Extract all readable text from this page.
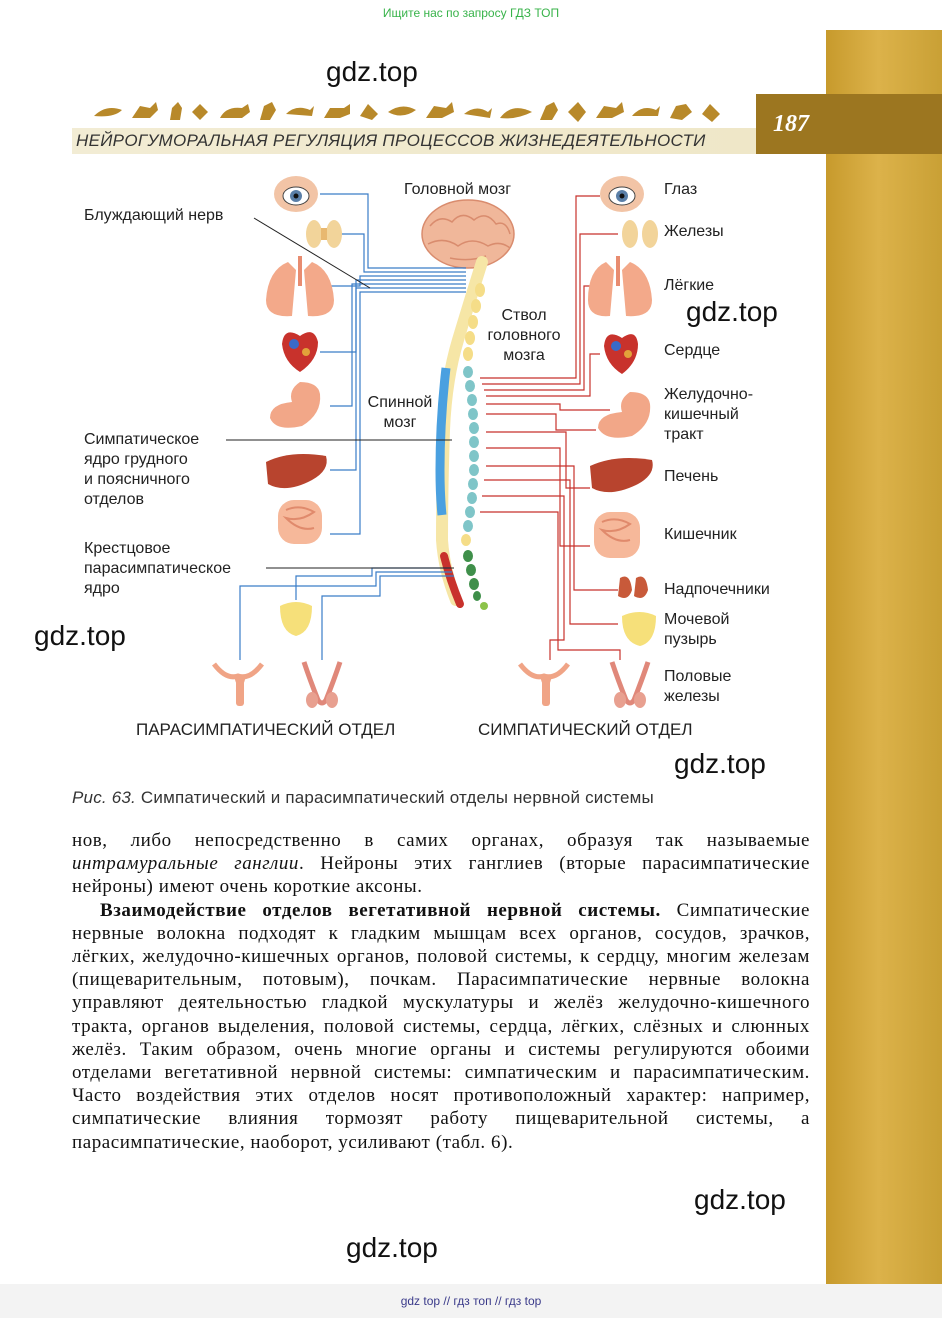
Ищите нас по запросу ГДЗ ТОП
187
НЕЙРОГУМОРАЛЬНАЯ РЕГУЛЯЦИЯ ПРОЦЕССОВ ЖИЗНЕДЕЯТЕЛЬНОСТИ
Блуждающий нерв
Симпатическое
ядро грудного
и поясничного
отделов
Крестцовое
парасимпатическое
ядро
Головной мозг
Ствол
головного
мозга
Спинной
мозг
Глаз
Железы
Лёгкие
Сердце
Желудочно-
кишечный
тракт
Печень
Кишечник
Надпочечники
Мочевой
пузырь
Половые
железы
ПАРАСИМПАТИЧЕСКИЙ ОТДЕЛ	СИМПАТИЧЕСКИЙ ОТДЕЛ
Рис. 63. Симпатический и парасимпатический отделы нервной системы

нов, либо непосредственно в самих органах, образуя так называемые интрамуральные ганглии. Нейроны этих ганглиев (вторые парасимпатические нейроны) имеют очень короткие аксоны.

Взаимодействие отделов вегетативной нервной системы. Симпатические нервные волокна подходят к гладким мышцам всех органов, сосудов, зрачков, лёгких, желудочно-кишечных органов, половой системы, к сердцу, многим железам (пищеварительным, потовым), почкам. Парасимпатические нервные волокна управляют деятельностью гладкой мускулатуры и желёз желудочно-кишечного тракта, органов выделения, половой системы, сердца, лёгких, слёзных и слюнных желёз. Таким образом, очень многие органы и системы регулируются обоими отделами вегетативной нервной системы: симпатическим и парасимпатическим. Часто воздействия этих отделов носят противоположный характер: например, симпатические влияния тормозят работу пищеварительной системы, а парасимпатические, наоборот, усиливают (табл. 6).

gdz.top
gdz.top
gdz.top
gdz.top
gdz.top
gdz.top
gdz top // гдз топ // гдз top
